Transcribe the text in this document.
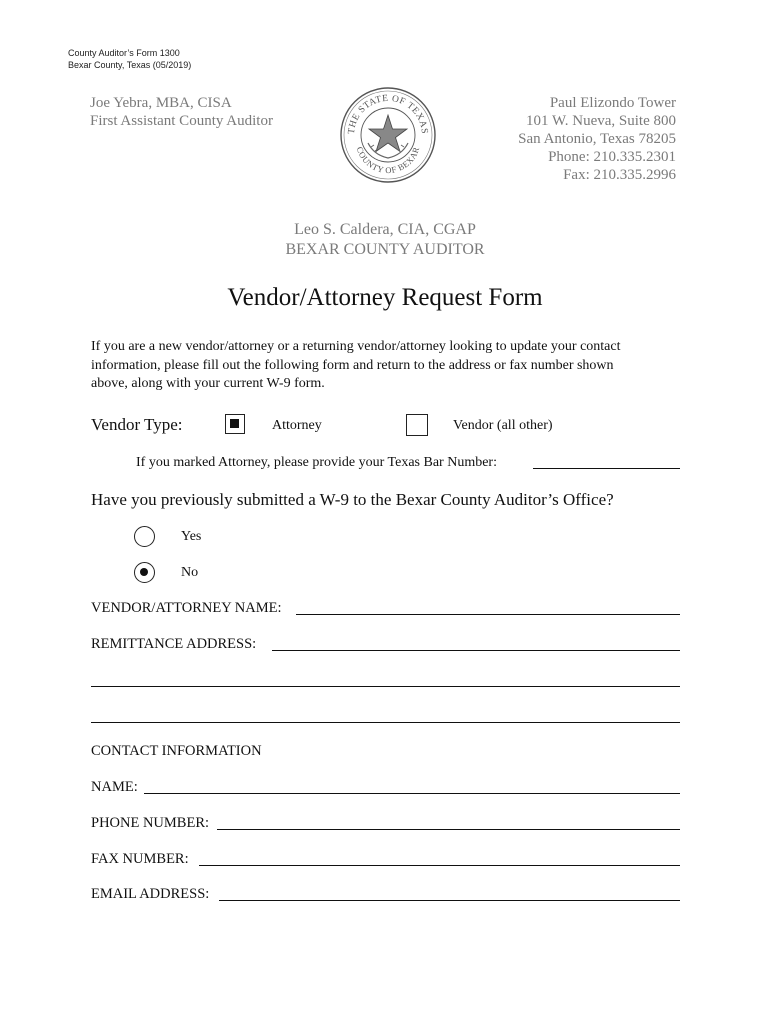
County Auditor’s Form 1300
Bexar County, Texas (05/2019)
Joe Yebra, MBA, CISA
First Assistant County Auditor
THE STATE OF TEXAS
COUNTY OF BEXAR
Paul Elizondo Tower
101 W. Nueva, Suite 800
San Antonio, Texas 78205
Phone: 210.335.2301
Fax: 210.335.2996
Leo S. Caldera, CIA, CGAP
BEXAR COUNTY AUDITOR
Vendor/Attorney Request Form
If you are a new vendor/attorney or a returning vendor/attorney looking to update your contact
information, please fill out the following form and return to the address or fax number shown
above, along with your current W-9 form.
Vendor Type:	Attorney	Vendor (all other)
If you marked Attorney, please provide your Texas Bar Number:
Have you previously submitted a W-9 to the Bexar County Auditor’s Office?
Yes
No
VENDOR/ATTORNEY NAME:
REMITTANCE ADDRESS:
CONTACT INFORMATION
NAME:
PHONE NUMBER:
FAX NUMBER:
EMAIL ADDRESS:
